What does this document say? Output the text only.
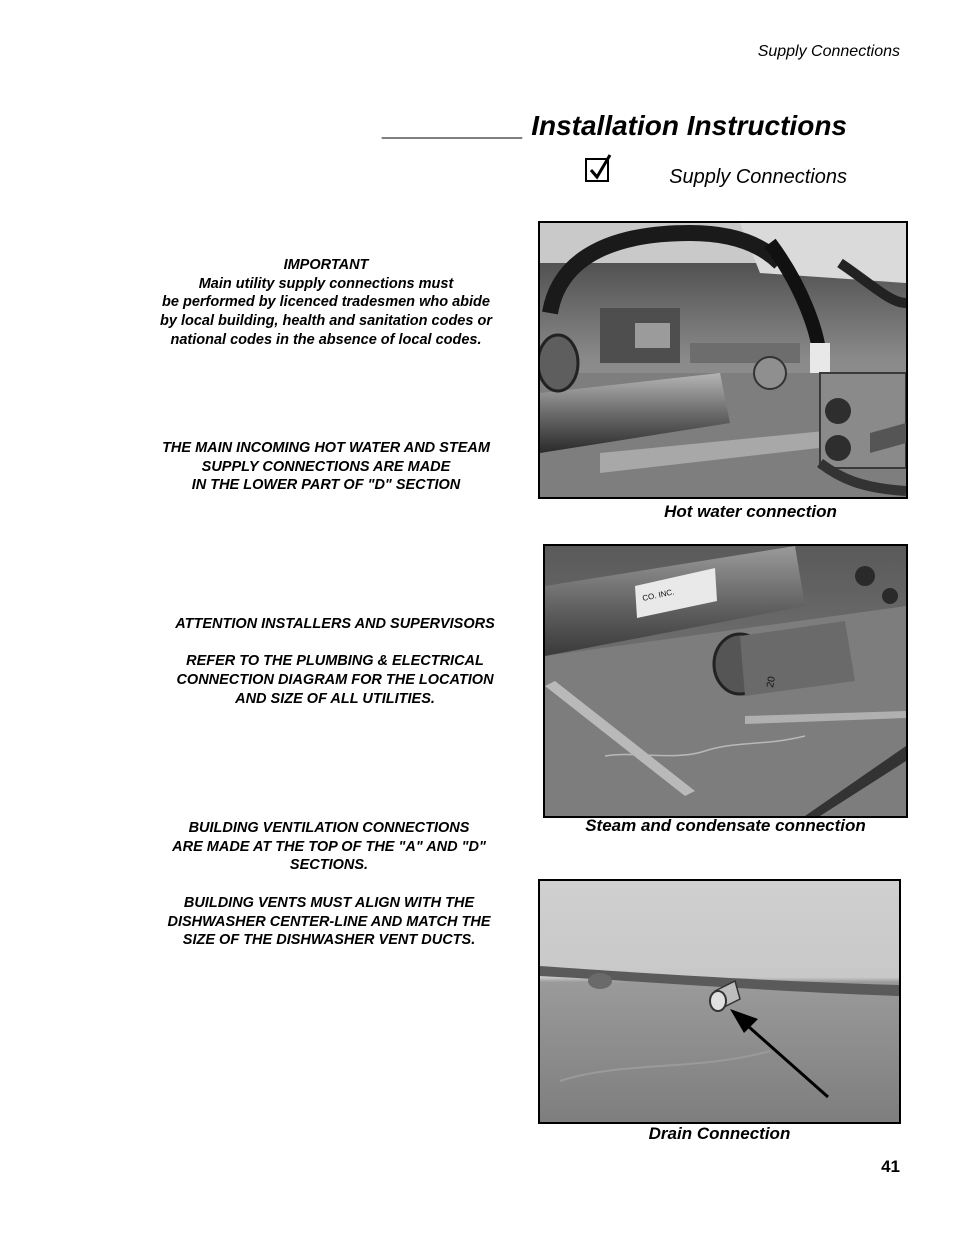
Supply Connections
_________ Installation Instructions
Supply Connections

IMPORTANT

Main utility supply connections must

be performed by licenced tradesmen who abide

by local building, health and sanitation codes or

national codes in the absence of local codes.

THE MAIN INCOMING HOT WATER AND STEAM

SUPPLY CONNECTIONS ARE MADE

IN THE LOWER PART OF "D" SECTION

ATTENTION INSTALLERS AND SUPERVISORS

REFER TO THE PLUMBING & ELECTRICAL

CONNECTION DIAGRAM FOR THE LOCATION

AND SIZE OF ALL UTILITIES.

BUILDING VENTILATION CONNECTIONS

ARE MADE AT THE TOP OF THE "A" AND "D"

SECTIONS.

BUILDING VENTS MUST ALIGN WITH THE

DISHWASHER CENTER-LINE AND MATCH THE

SIZE OF THE DISHWASHER VENT DUCTS.

Hot water connection
CO. INC.
20
Steam and condensate connection
Drain Connection
41
